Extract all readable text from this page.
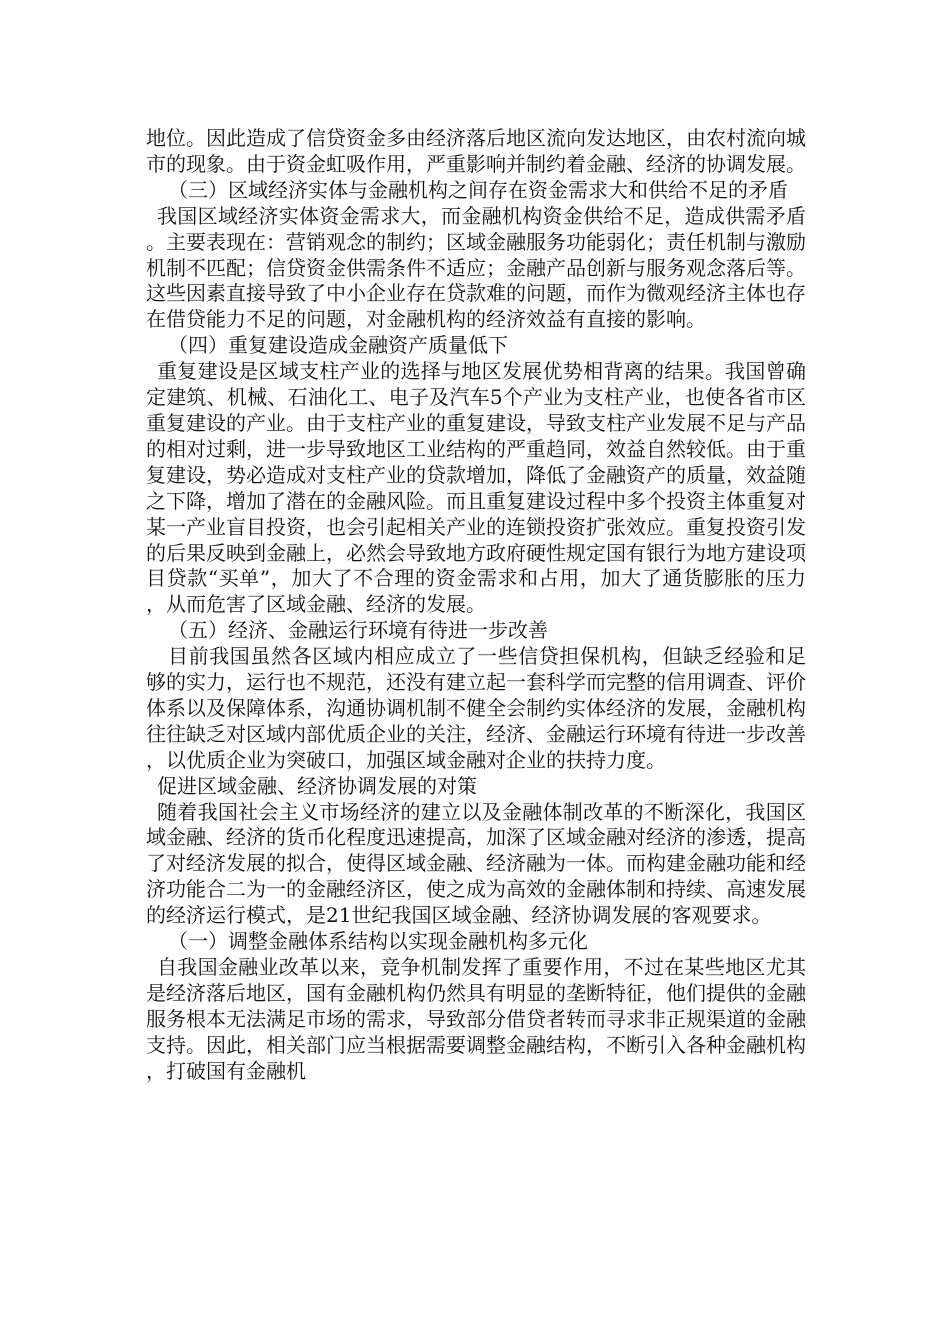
地位。因此造成了信贷资金多由经济落后地区流向发达地区，由农村流向城市的现象。由于资金虹吸作用，严重影响并制约着金融、经济的协调发展。

（三）区域经济实体与金融机构之间存在资金需求大和供给不足的矛盾

我国区域经济实体资金需求大，而金融机构资金供给不足，造成供需矛盾。主要表现在：营销观念的制约；区域金融服务功能弱化；责任机制与激励机制不匹配；信贷资金供需条件不适应；金融产品创新与服务观念落后等。这些因素直接导致了中小企业存在贷款难的问题，而作为微观经济主体也存在借贷能力不足的问题，对金融机构的经济效益有直接的影响。

（四）重复建设造成金融资产质量低下

重复建设是区域支柱产业的选择与地区发展优势相背离的结果。我国曾确定建筑、机械、石油化工、电子及汽车5个产业为支柱产业，也使各省市区重复建设的产业。由于支柱产业的重复建设，导致支柱产业发展不足与产品的相对过剩，进一步导致地区工业结构的严重趋同，效益自然较低。由于重复建设，势必造成对支柱产业的贷款增加，降低了金融资产的质量，效益随之下降，增加了潜在的金融风险。而且重复建设过程中多个投资主体重复对某一产业盲目投资，也会引起相关产业的连锁投资扩张效应。重复投资引发的后果反映到金融上，必然会导致地方政府硬性规定国有银行为地方建设项目贷款“买单”，加大了不合理的资金需求和占用，加大了通货膨胀的压力，从而危害了区域金融、经济的发展。

（五）经济、金融运行环境有待进一步改善

目前我国虽然各区域内相应成立了一些信贷担保机构，但缺乏经验和足够的实力，运行也不规范，还没有建立起一套科学而完整的信用调查、评价体系以及保障体系，沟通协调机制不健全会制约实体经济的发展，金融机构往往缺乏对区域内部优质企业的关注，经济、金融运行环境有待进一步改善，以优质企业为突破口，加强区域金融对企业的扶持力度。

促进区域金融、经济协调发展的对策

随着我国社会主义市场经济的建立以及金融体制改革的不断深化，我国区域金融、经济的货币化程度迅速提高，加深了区域金融对经济的渗透，提高了对经济发展的拟合，使得区域金融、经济融为一体。而构建金融功能和经济功能合二为一的金融经济区，使之成为高效的金融体制和持续、高速发展的经济运行模式，是21世纪我国区域金融、经济协调发展的客观要求。

（一）调整金融体系结构以实现金融机构多元化

自我国金融业改革以来，竞争机制发挥了重要作用，不过在某些地区尤其是经济落后地区，国有金融机构仍然具有明显的垄断特征，他们提供的金融服务根本无法满足市场的需求，导致部分借贷者转而寻求非正规渠道的金融支持。因此，相关部门应当根据需要调整金融结构，不断引入各种金融机构，打破国有金融机
